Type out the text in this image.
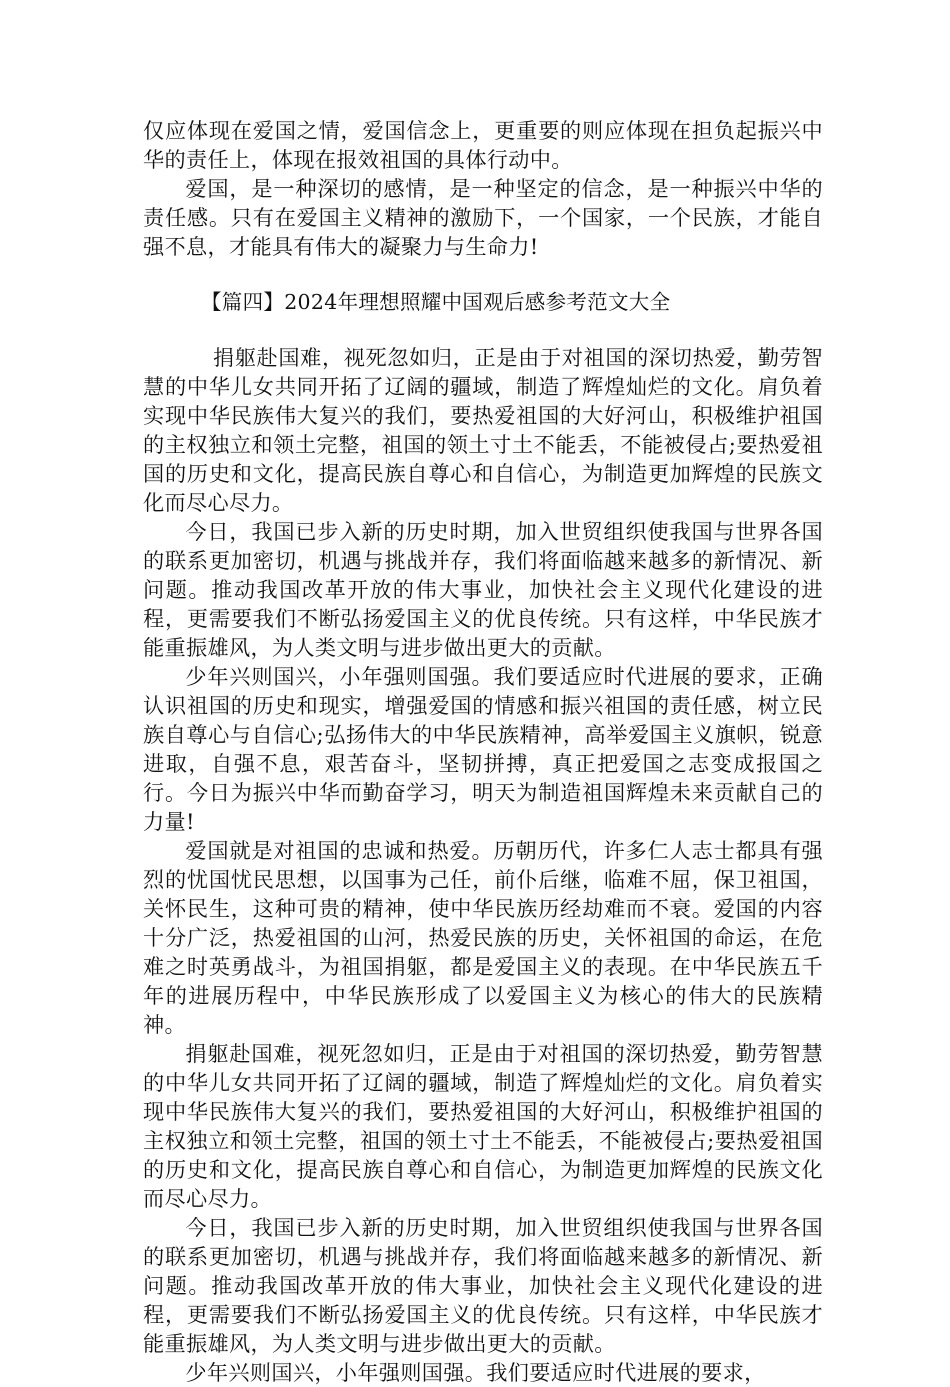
仅应体现在爱国之情，爱国信念上，更重要的则应体现在担负起振兴中华的责任上，体现在报效祖国的具体行动中。

爱国，是一种深切的感情，是一种坚定的信念，是一种振兴中华的责任感。只有在爱国主义精神的激励下，一个国家，一个民族，才能自强不息，才能具有伟大的凝聚力与生命力!

【篇四】2024年理想照耀中国观后感参考范文大全

捐躯赴国难，视死忽如归，正是由于对祖国的深切热爱，勤劳智慧的中华儿女共同开拓了辽阔的疆域，制造了辉煌灿烂的文化。肩负着实现中华民族伟大复兴的我们，要热爱祖国的大好河山，积极维护祖国的主权独立和领土完整，祖国的领土寸土不能丢，不能被侵占;要热爱祖国的历史和文化，提高民族自尊心和自信心，为制造更加辉煌的民族文化而尽心尽力。

今日，我国已步入新的历史时期，加入世贸组织使我国与世界各国的联系更加密切，机遇与挑战并存，我们将面临越来越多的新情况、新问题。推动我国改革开放的伟大事业，加快社会主义现代化建设的进程，更需要我们不断弘扬爱国主义的优良传统。只有这样，中华民族才能重振雄风，为人类文明与进步做出更大的贡献。

少年兴则国兴，小年强则国强。我们要适应时代进展的要求，正确认识祖国的历史和现实，增强爱国的情感和振兴祖国的责任感，树立民族自尊心与自信心;弘扬伟大的中华民族精神，高举爱国主义旗帜，锐意进取，自强不息，艰苦奋斗，坚韧拼搏，真正把爱国之志变成报国之行。今日为振兴中华而勤奋学习，明天为制造祖国辉煌未来贡献自己的力量!

爱国就是对祖国的忠诚和热爱。历朝历代，许多仁人志士都具有强烈的忧国忧民思想，以国事为己任，前仆后继，临难不屈，保卫祖国，关怀民生，这种可贵的精神，使中华民族历经劫难而不衰。爱国的内容十分广泛，热爱祖国的山河，热爱民族的历史，关怀祖国的命运，在危难之时英勇战斗，为祖国捐躯，都是爱国主义的表现。在中华民族五千年的进展历程中，中华民族形成了以爱国主义为核心的伟大的民族精神。

捐躯赴国难，视死忽如归，正是由于对祖国的深切热爱，勤劳智慧的中华儿女共同开拓了辽阔的疆域，制造了辉煌灿烂的文化。肩负着实现中华民族伟大复兴的我们，要热爱祖国的大好河山，积极维护祖国的主权独立和领土完整，祖国的领土寸土不能丢，不能被侵占;要热爱祖国的历史和文化，提高民族自尊心和自信心，为制造更加辉煌的民族文化而尽心尽力。

今日，我国已步入新的历史时期，加入世贸组织使我国与世界各国的联系更加密切，机遇与挑战并存，我们将面临越来越多的新情况、新问题。推动我国改革开放的伟大事业，加快社会主义现代化建设的进程，更需要我们不断弘扬爱国主义的优良传统。只有这样，中华民族才能重振雄风，为人类文明与进步做出更大的贡献。

少年兴则国兴，小年强则国强。我们要适应时代进展的要求，
